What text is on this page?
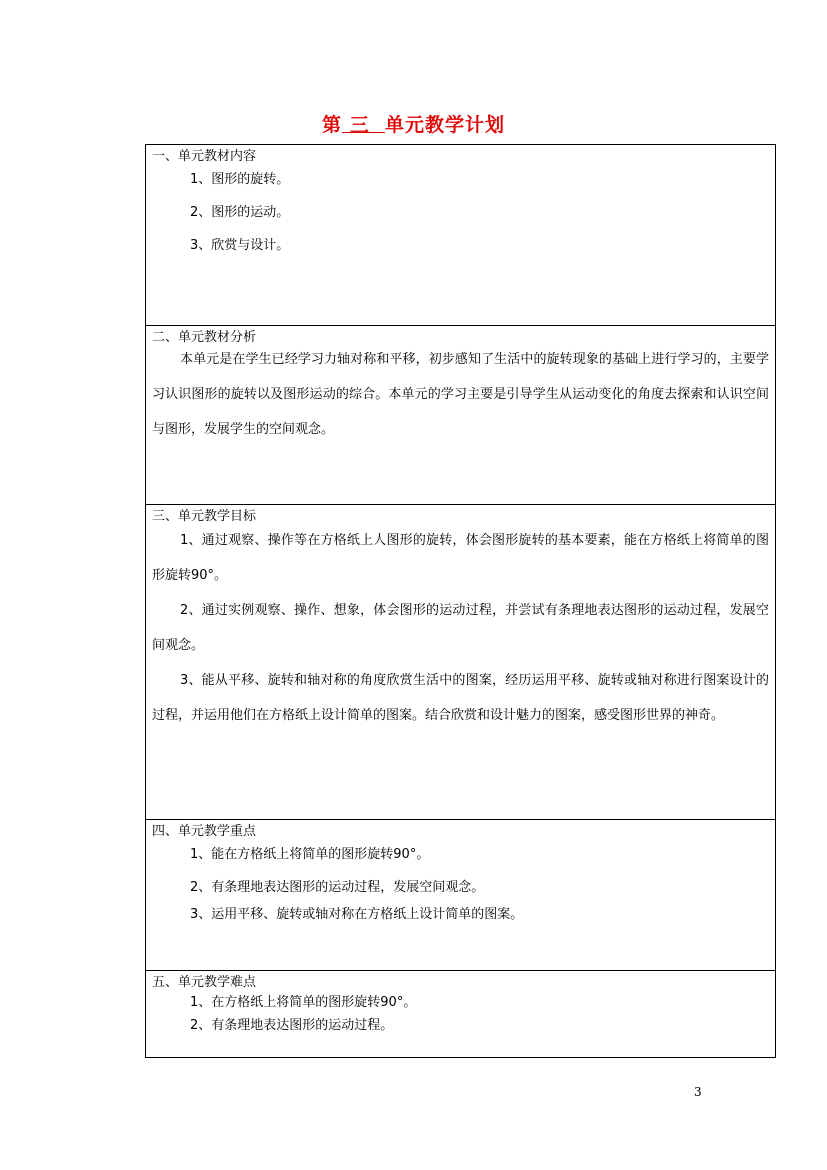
第 三 单元教学计划

一、单元教材内容

1、图形的旋转。

2、图形的运动。

3、欣赏与设计。

二、单元教材分析

本单元是在学生已经学习力轴对称和平移，初步感知了生活中的旋转现象的基础上进行学习的，主要学习认识图形的旋转以及图形运动的综合。本单元的学习主要是引导学生从运动变化的角度去探索和认识空间与图形，发展学生的空间观念。

三、单元教学目标

1、通过观察、操作等在方格纸上人图形的旋转，体会图形旋转的基本要素，能在方格纸上将简单的图形旋转90°。

2、通过实例观察、操作、想象，体会图形的运动过程，并尝试有条理地表达图形的运动过程，发展空间观念。

3、能从平移、旋转和轴对称的角度欣赏生活中的图案，经历运用平移、旋转或轴对称进行图案设计的过程，并运用他们在方格纸上设计简单的图案。结合欣赏和设计魅力的图案，感受图形世界的神奇。

四、单元教学重点

1、能在方格纸上将简单的图形旋转90°。

2、有条理地表达图形的运动过程，发展空间观念。

3、运用平移、旋转或轴对称在方格纸上设计简单的图案。

五、单元教学难点

1、在方格纸上将简单的图形旋转90°。

2、有条理地表达图形的运动过程。

3
